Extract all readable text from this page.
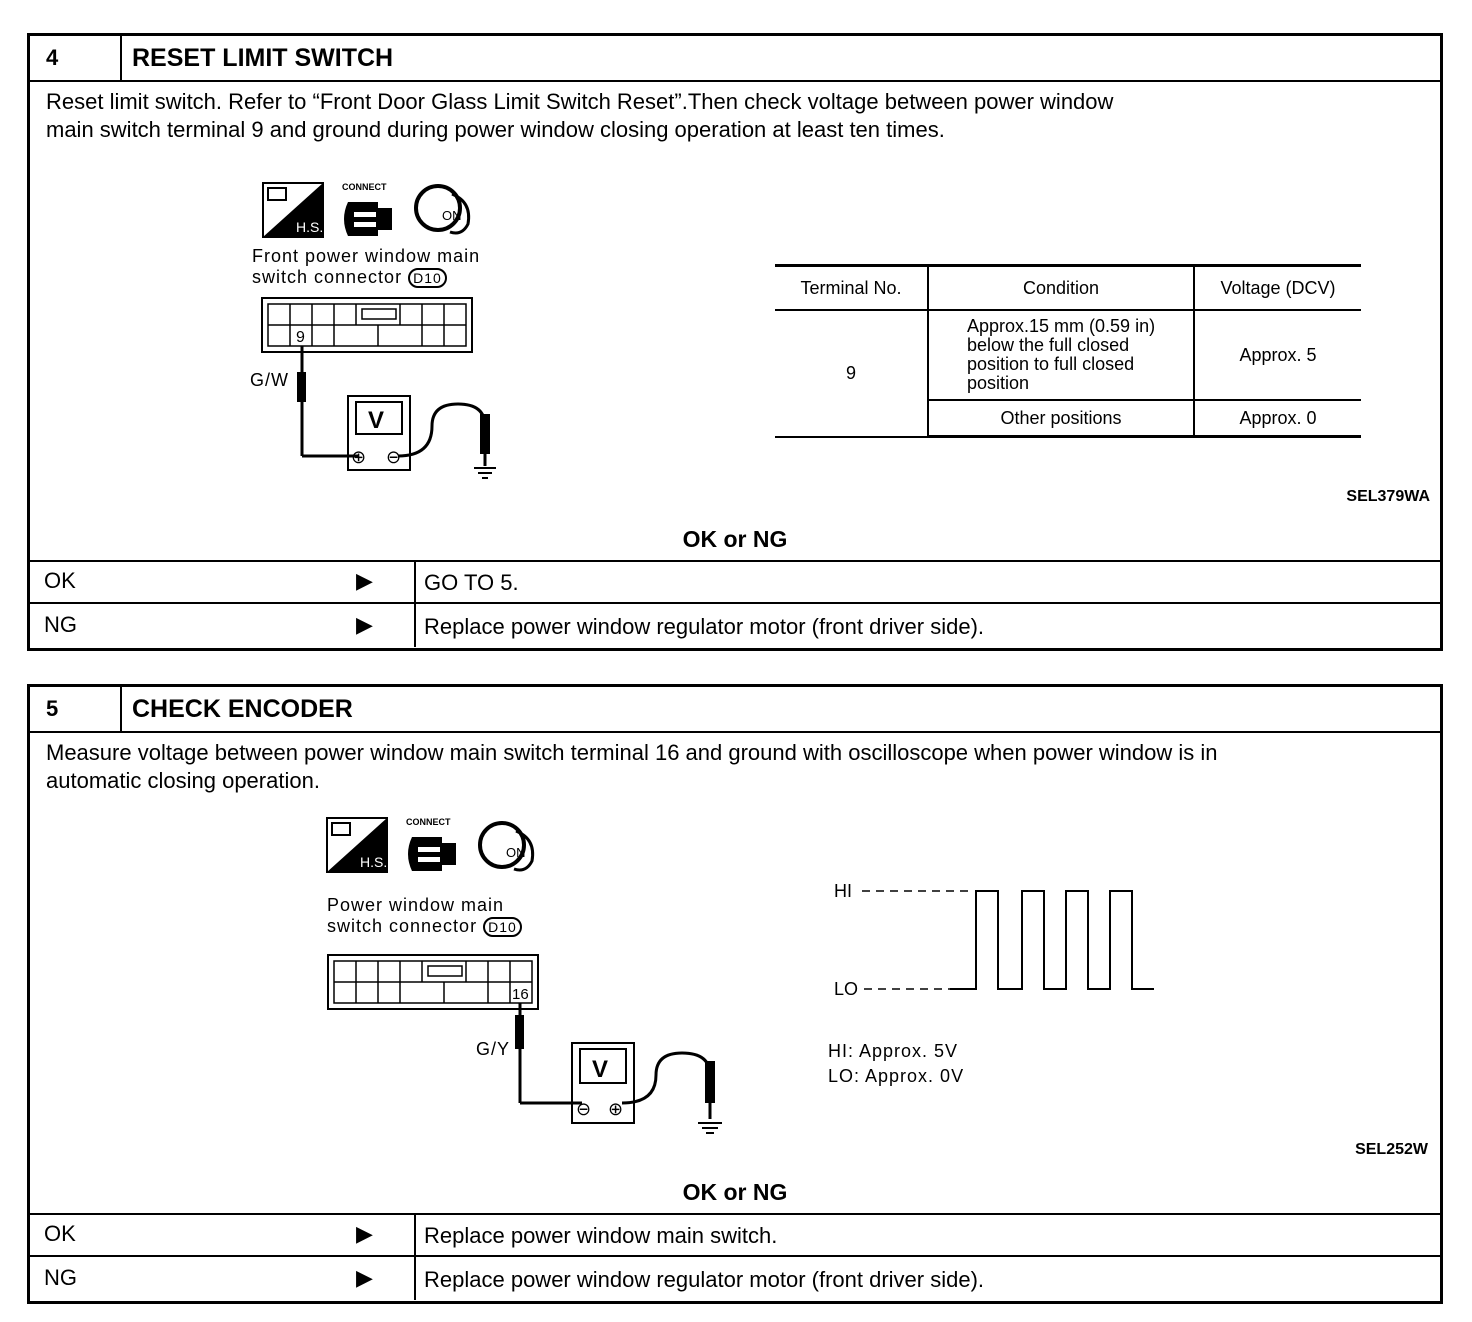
4	RESET LIMIT SWITCH
Reset limit switch. Refer to “Front Door Glass Limit Switch Reset”.Then check voltage between power window
main switch terminal 9 and ground during power window closing operation at least ten times.
H.S.
CONNECT
ON
Front power window main
switch connector D10
9
V
⊕ ⊖
G/W
Terminal No.	Condition	Voltage (DCV)
9	Approx.15 mm (0.59 in) below the full closed position to full closed position	Approx. 5
	Other positions	Approx. 0
SEL379WA
OK or NG
OK	▶ GO TO 5.
NG	▶ Replace power window regulator motor (front driver side).
5	CHECK ENCODER
Measure voltage between power window main switch terminal 16 and ground with oscilloscope when power window is in
automatic closing operation.
H.S.
CONNECT
ON
Power window main
switch connector D10
16
V
⊖ ⊕
G/Y
HI
LO
HI: Approx. 5V
LO: Approx. 0V
SEL252W
OK or NG
OK	▶ Replace power window main switch.
NG	▶ Replace power window regulator motor (front driver side).
